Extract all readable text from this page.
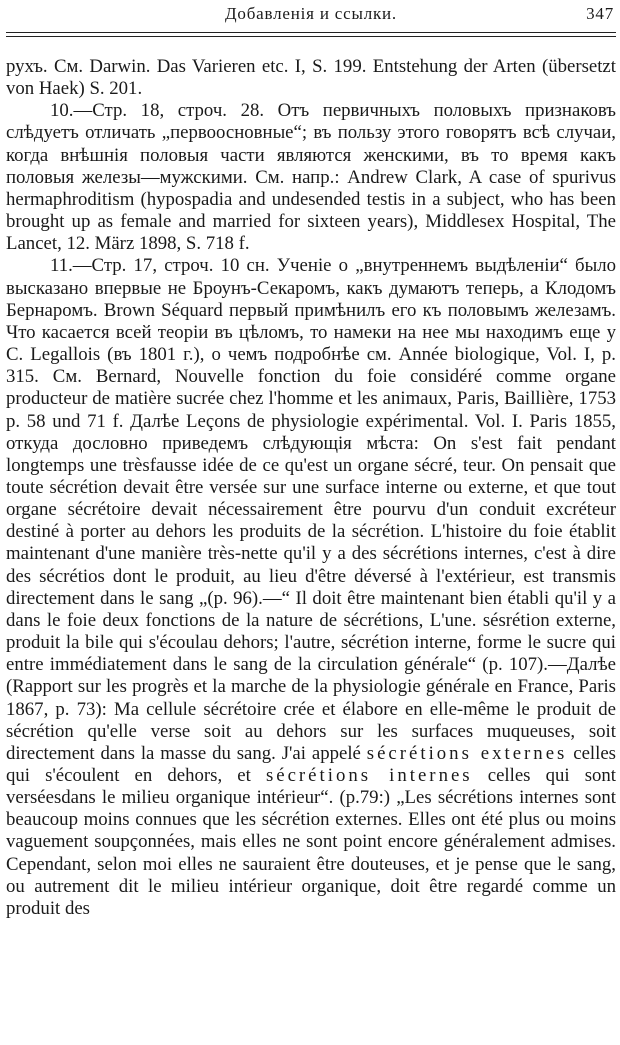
Добавленія и ссылки.	347

рухъ. См. Darwin. Das Varieren etc. I, S. 199. Entstehung der Arten (übersetzt von Haek) S. 201.

10.—Стр. 18, строч. 28. Отъ первичныхъ половыхъ признаковъ слѣдуетъ отличать „первоосновные“; въ пользу этого говорятъ всѣ случаи, когда внѣшнія половыя части являются женскими, въ то время какъ половыя железы—мужскими. См. напр.: Andrew Clark, A case of spurivus hermaphroditism (hypospadia and undesended testis in a subject, who has been brought up as female and married for sixteen years), Middlesex Hospital, The Lancet, 12. März 1898, S. 718 f.

11.—Стр. 17, строч. 10 сн. Ученіе о „внутреннемъ выдѣленіи“ было высказано впервые не Броунъ-Секаромъ, какъ думаютъ теперь, а Клодомъ Бернаромъ. Brown Séquard первый примѣнилъ его къ половымъ железамъ. Что касается всей теоріи въ цѣломъ, то намеки на нее мы находимъ еще у C. Legallois (въ 1801 г.), о чемъ подробнѣе см. Année biologique, Vol. I, p. 315. См. Bernard, Nouvelle fonction du foie considéré comme organe producteur de matière sucrée chez l'homme et les animaux, Paris, Baillière, 1753 p. 58 und 71 f. Далѣе Leçons de physiologie expérimental. Vol. I. Paris 1855, откуда дословно приведемъ слѣдующія мѣста: On s'est fait pendant longtemps une trèsfausse idée de ce qu'est un organe sécré, teur. On pensait que toute sécrétion devait être versée sur une surface interne ou externe, et que tout organe sécrétoire devait nécessairement être pourvu d'un conduit excréteur destiné à porter au dehors les produits de la sécrétion. L'histoire du foie établit maintenant d'une manière très-nette qu'il y a des sécrétions internes, c'est à dire des sécrétios dont le produit, au lieu d'être déversé à l'extérieur, est transmis directement dans le sang „(p. 96).—“ Il doit être maintenant bien établi qu'il y a dans le foie deux fonctions de la nature de sécrétions, L'une. sésrétion externe, produit la bile qui s'écoulau dehors; l'autre, sécrétion interne, forme le sucre qui entre immédiatement dans le sang de la circulation générale“ (p. 107).—Далѣе (Rapport sur les progrès et la marche de la physiologie générale en France, Paris 1867, p. 73): Ma cellule sécrétoire crée et élabore en elle-même le produit de sécrétion qu'elle verse soit au dehors sur les surfaces muqueuses, soit directement dans la masse du sang. J'ai appelé sécrétions externes celles qui s'écoulent en dehors, et sécrétions internes celles qui sont verséesdans le milieu organique intérieur“. (p.79:) „Les sécrétions internes sont beaucoup moins connues que les sécrétion externes. Elles ont été plus ou moins vaguement soupçonnées, mais elles ne sont point encore généralement admises. Cependant, selon moi elles ne sauraient être douteuses, et je pense que le sang, ou autrement dit le milieu intérieur organique, doit être regardé comme un produit des
